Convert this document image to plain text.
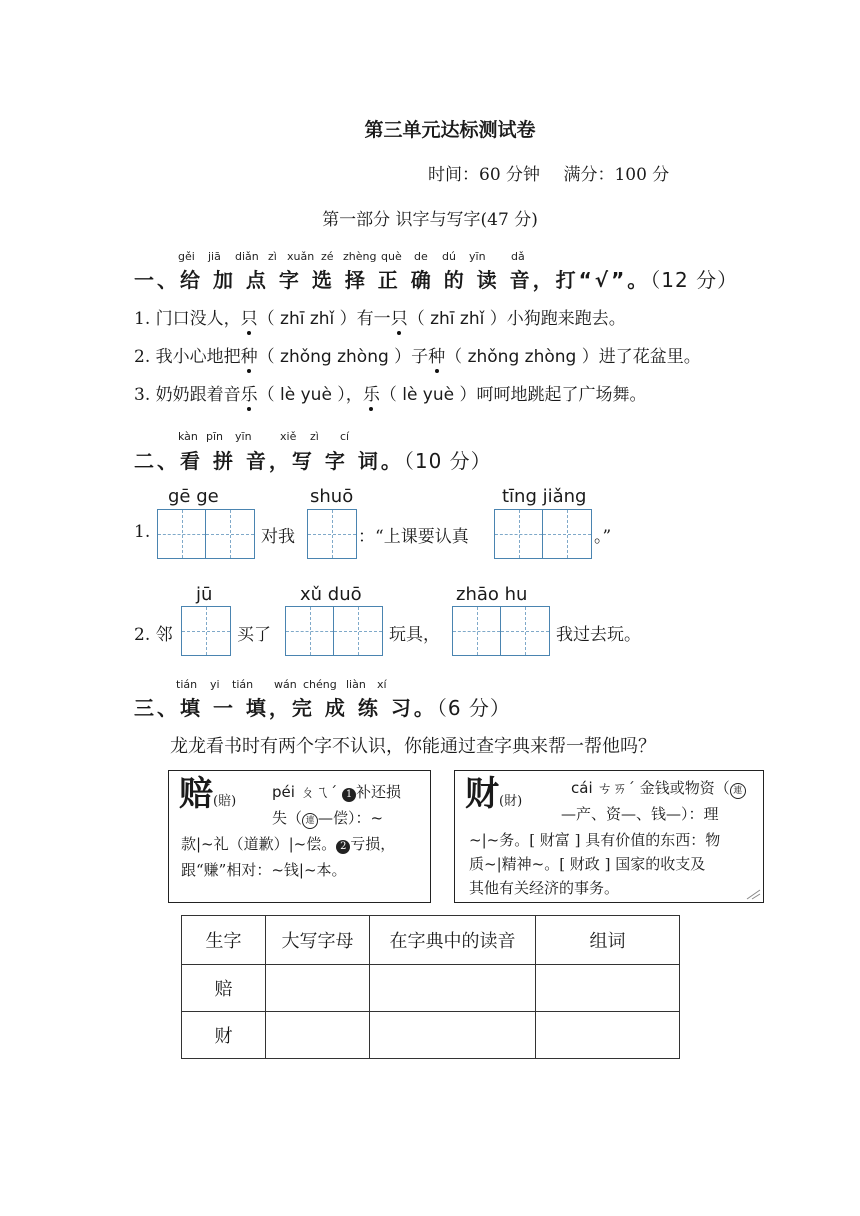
第三单元达标测试卷
时间：60 分钟 满分：100 分
第一部分 识字与写字(47 分)
gěi jiā diǎn zì xuǎn zé zhèng què de dú yīn dǎ
一、给 加 点 字 选 择 正 确 的 读 音，打“√”。（12 分）
1. 门口没人，只（ zhī zhǐ ）有一只（ zhī zhǐ ）小狗跑来跑去。
2. 我小心地把种（ zhǒng zhòng ）子种（ zhǒng zhòng ）进了花盆里。
3. 奶奶跟着音乐（ lè yuè ），乐（ lè yuè ）呵呵地跳起了广场舞。
kàn pīn yīn	xiě zì cí
二、看 拼 音，写 字 词。（10 分）
gē ge	shuō	tīng jiǎng
1.	对我	：“上课要认真	。”
jū	xǔ duō	zhāo hu
2. 邻	买了	玩具，	我过去玩。
tián yi tián wán chéng liàn xí
三、填 一 填，完 成 练 习。（6 分）
龙龙看书时有两个字不认识，你能通过查字典来帮一帮他吗？
赔(賠)
péi ㄆㄟˊ 1 补还损
失（ 連 —偿）：~
款|~礼（道歉）|~偿。 2 亏损，
跟“赚”相对：~钱|~本。
财(財)
cái ㄘㄞˊ 金钱或物资（ 連
—产、资—、钱—）：理
~|~务。[ 财富 ] 具有价值的东西：物
质~|精神~。[ 财政 ] 国家的收支及
其他有关经济的事务。
生字	大写字母	在字典中的读音	组词
赔			
财			
